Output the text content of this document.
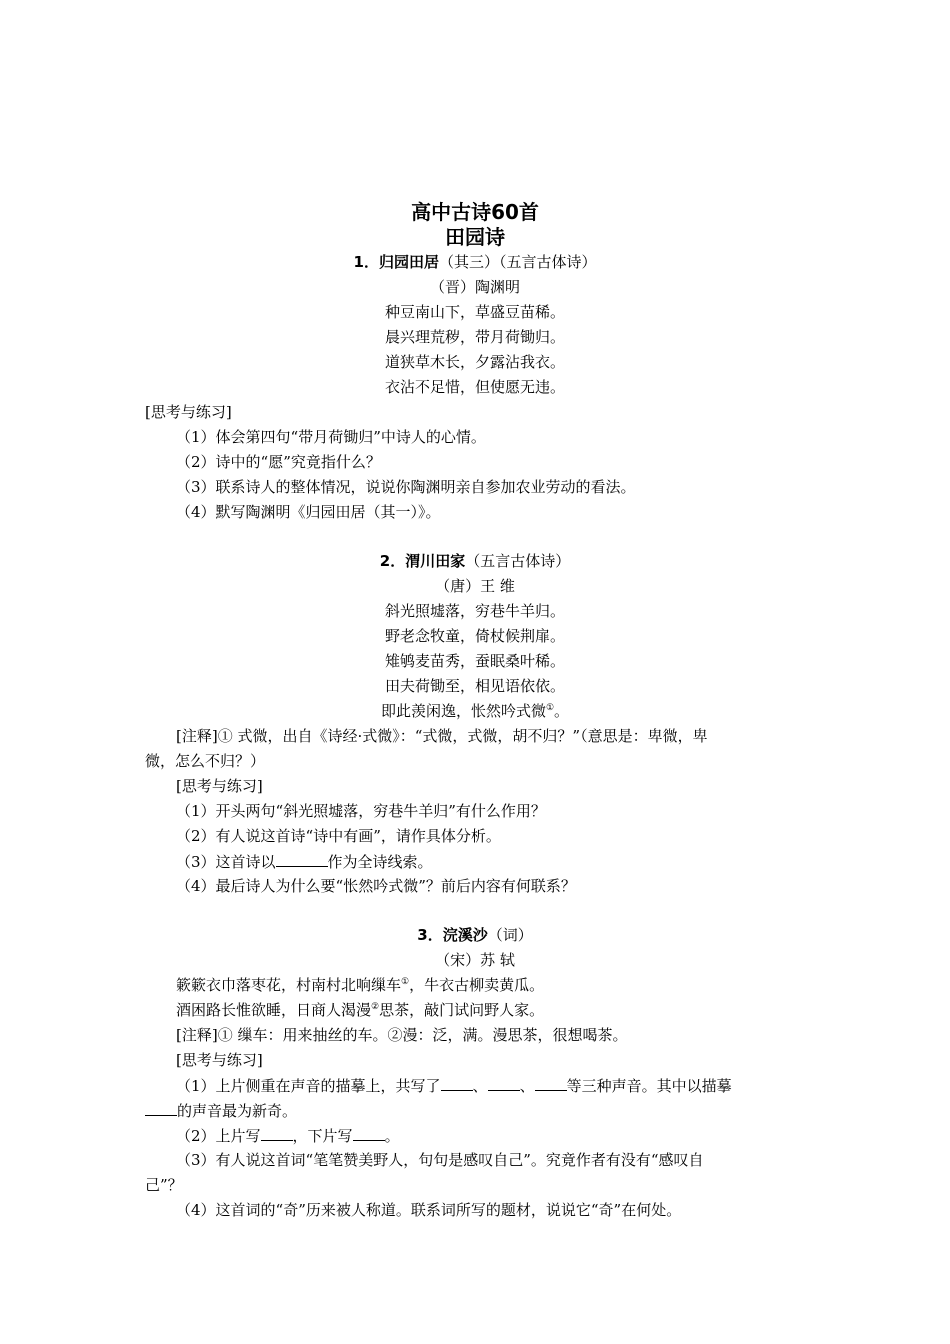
高中古诗60首
田园诗
1．归园田居（其三）（五言古体诗）
（晋）陶渊明
种豆南山下，草盛豆苗稀。
晨兴理荒秽，带月荷锄归。
道狭草木长，夕露沾我衣。
衣沾不足惜，但使愿无违。
[思考与练习]
（1）体会第四句“带月荷锄归”中诗人的心情。
（2）诗中的“愿”究竟指什么？
（3）联系诗人的整体情况，说说你陶渊明亲自参加农业劳动的看法。
（4）默写陶渊明《归园田居（其一）》。
2．渭川田家（五言古体诗）
（唐）王 维
斜光照墟落，穷巷牛羊归。
野老念牧童，倚杖候荆扉。
雉鸲麦苗秀，蚕眠桑叶稀。
田夫荷锄至，相见语依依。
即此羡闲逸，怅然吟式微①。
[注释]① 式微，出自《诗经·式微》：“式微，式微，胡不归？”（意思是：卑微，卑
微，怎么不归？）
[思考与练习]
（1）开头两句“斜光照墟落，穷巷牛羊归”有什么作用？
（2）有人说这首诗“诗中有画”，请作具体分析。
（3）这首诗以	作为全诗线索。
（4）最后诗人为什么要“怅然吟式微”？前后内容有何联系？
3．浣溪沙（词）
（宋）苏 轼
簌簌衣巾落枣花，村南村北响缫车①，牛衣古柳卖黄瓜。
酒困路长惟欲睡，日商人渴漫②思茶，敲门试问野人家。
[注释]① 缫车：用来抽丝的车。②漫：泛，满。漫思茶，很想喝茶。
[思考与练习]
（1）上片侧重在声音的描摹上，共写了 、 、 等三种声音。其中以描摹
的声音最为新奇。
（2）上片写 ，下片写 。
（3）有人说这首词“笔笔赞美野人，句句是感叹自己”。究竟作者有没有“感叹自
己”？
（4）这首词的“奇”历来被人称道。联系词所写的题材，说说它“奇”在何处。
